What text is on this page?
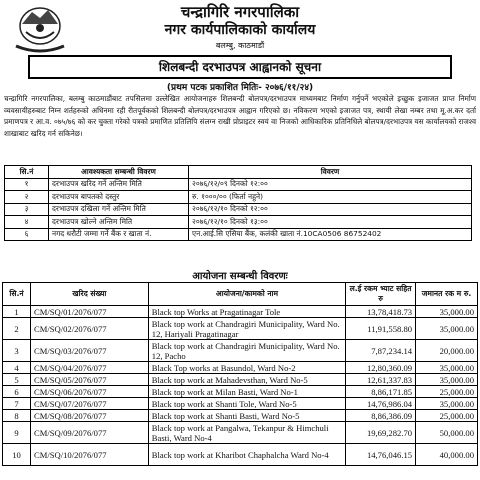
चन्द्रागिरि नगरपालिका
नगर कार्यपालिकाको कार्यालय
बलम्बु, काठमाडौं
शिलबन्दी दरभाउपत्र आह्वानको सूचना
(प्रथम पटक प्रकाशित मितिः- २०७६/११/२४)
चन्द्रागिरि नगरपालिका, बलम्बु काठमाडौंबाट तपसिलमा उल्लेखित आयोजनाहरु शिलबन्दी बोलपत्र/दरभाउपत्र माध्यमबाट निर्माण गर्नुपर्ने भएकोले इच्छुक इजाजत प्राप्त निर्माण व्यवसायीहरुबाट निम्न शर्तहरुको अधिनमा रही रीतपूर्वकको शिलबन्दी बोलपत्र/दरभाउपत्र आह्वान गरिएको छ। नविकरण भएको इजाजत पत्र, स्थायी लेखा नम्बर तथा मू.अ.कर दर्ता प्रमाणपत्र र आ.व. ०७५/७६ को कर चुक्ता गरेको पत्रको प्रमाणित प्रतिलिपि संलग्न राखी प्रोप्राइटर स्वयं वा निजको आधिकारिक प्रतिनिधिले बोलपत्र/दरभाउपत्र यस कार्यालयको राजश्व शाखाबाट खरिद गर्न सकिनेछ।
सि.नं	आवश्यकता सम्बन्धी विवरण	विवरण
१	दरभाउपत्र खरिद गर्ने अन्तिम मिति	२०७६/१२/०९ दिनको १२:००
२	दरभाउपत्र बापतको दस्तुर	रु. १०००/०० (फिर्ता नहुने)
३	दरभाउपत्र दखिला गर्ने अन्तिम मिति	२०७६/१२/१० दिनको १२:००
४	दरभाउपत्र खोल्ने अन्तिम मिति	२०७६/१२/१० दिनको १३:००
६	नगद धरौटी जम्मा गर्ने बैंक र खाता नं.	एन.आई.सि एसिया बैंक, कलंकी खाता नं.10CA0506 86752402
आयोजना सम्बन्धी विवरणः
सि.नं	खरिद संख्या	आयोजना/कामको नाम	ल.ई रकम भ्याट सहित रु	जमानत रक म रु.
1	CM/SQ/01/2076/077	Black top Works at Pragatinagar Tole	13,78,418.73	35,000.00
2	CM/SQ/02/2076/077	Black top work at Chandragiri Municipality, Ward No. 12, Hariyali Pragatinagar	11,91,558.80	35,000.00
3	CM/SQ/03/2076/077	Black top work at Chandragiri Municipality, Ward No. 12, Pacho	7,87,234.14	20,000.00
4	CM/SQ/04/2076/077	Black Top works at Basundol, Ward No-2	12,80,360.09	35,000.00
5	CM/SQ/05/2076/077	Black top work at Mahadevsthan, Ward No-5	12,61,337.83	35,000.00
6	CM/SQ/06/2076/077	Black top work at Milan Basti, Ward No-1	8,86,171.85	25,000.00
7	CM/SQ/07/2076/077	Black top work at Shanti Tole, Ward No-5	14,76,986.04	35,000.00
8	CM/SQ/08/2076/077	Black top work at Shanti Basti, Ward No-5	8,86,386.09	25,000.00
9	CM/SQ/09/2076/077	Black top work at Pangalwa, Tekanpur & Himchuli Basti, Ward No-4	19,69,282.70	50,000.00
10	CM/SQ/10/2076/077	Black top work at Kharibot Chaphalcha Ward No-4	14,76,046.15	40,000.00
